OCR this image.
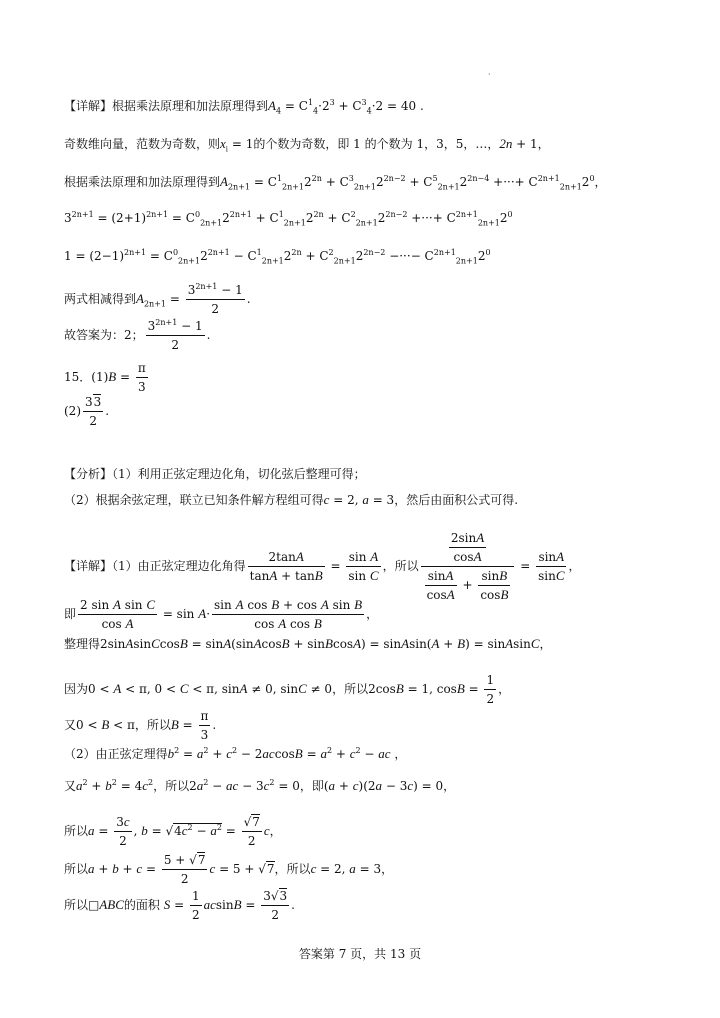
·
【详解】根据乘法原理和加法原理得到$A_4 = C^1_4\cdot 2^3 + C^3_4\cdot 2 = 40$ .
奇数维向量，范数为奇数，则$x_i = 1$的个数为奇数，即 1 的个数为 1，3，5，…，2n + 1，
根据乘法原理和加法原理得到$A_{2n+1} = C^1_{2n+1}2^{2n} + C^3_{2n+1}2^{2n-2} + C^5_{2n+1}2^{2n-4}$ +···+ $C^{2n+1}_{2n+1}2^0$，
$3^{2n+1} = (2+1)^{2n+1} = C^0_{2n+1}2^{2n+1} + C^1_{2n+1}2^{2n} + C^2_{2n+1}2^{2n-2}$ +···+ $C^{2n+1}_{2n+1}2^0$
$1 = (2-1)^{2n+1} = C^0_{2n+1}2^{2n+1} - C^1_{2n+1}2^{2n} + C^2_{2n+1}2^{2n-2}$ −···− $C^{2n+1}_{2n+1}2^0$
两式相减得到$A_{2n+1} = \frac{3^{2n+1} - 1}{2}$ .
故答案为：2； $\frac{3^{2n+1} - 1}{2}$ .
15．$(1)B = \frac{\pi}{3}$
$(2) \frac{33}{2}$ .
【分析】（1）利用正弦定理边化角，切化弦后整理可得；
（2）根据余弦定理，联立已知条件解方程组可得c = 2, a = 3，然后由面积公式可得.
【详解】（1）由正弦定理边化角得 $\frac{2\tan A}{\tan A + \tan B} = \frac{\text{sin A}}{\text{sin C}}$ ，所以 $\frac{\frac{2\sin A}{\cos A}}{\frac{\sin A}{\cos A} + \frac{\sin B}{\cos B}} = \frac{\sin A}{\sin C}$ ，
即 $\frac{\text{2 sin A sin C}}{\text{cos A}} = \sin A\cdot \frac{\text{sin A cos B + cos A sin B}}{\text{cos A cos B}}$ ，
整理得2sinAsinCcosB = sinA(sinAcosB + sinBcosA) = sinAsin(A + B) = sinAsinC，
因为0 < A < π, 0 < C < π, sinA ≠ 0, sinC ≠ 0，所以2cosB = 1, $\cos B = \frac{1}{2}$ ，
又0 < B < π，所以$B = \frac{\pi}{3}$ .
（2）由正弦定理得$b^2 = a^2 + c^2 - 2accosB = a^2 + c^2$ − ac ，
又$a^2 + b^2 = 4c^2$，所以$2a^2$ − ac − $3c^2 = 0$，即(a + c)(2a − 3c) = 0，
所以$a = \frac{3c}{2}$ , $b = √4c^2 - a^2 = \frac{√7}{2}$ c，
所以$a + b + c = \frac{5 + √7}{2}$ c = 5 + √7，所以c = 2, a = 3，
所以□ABC的面积 $S = \frac{1}{2}$ $acsinB = \frac{3√3}{2}$ .
答案第 7 页，共 13 页
